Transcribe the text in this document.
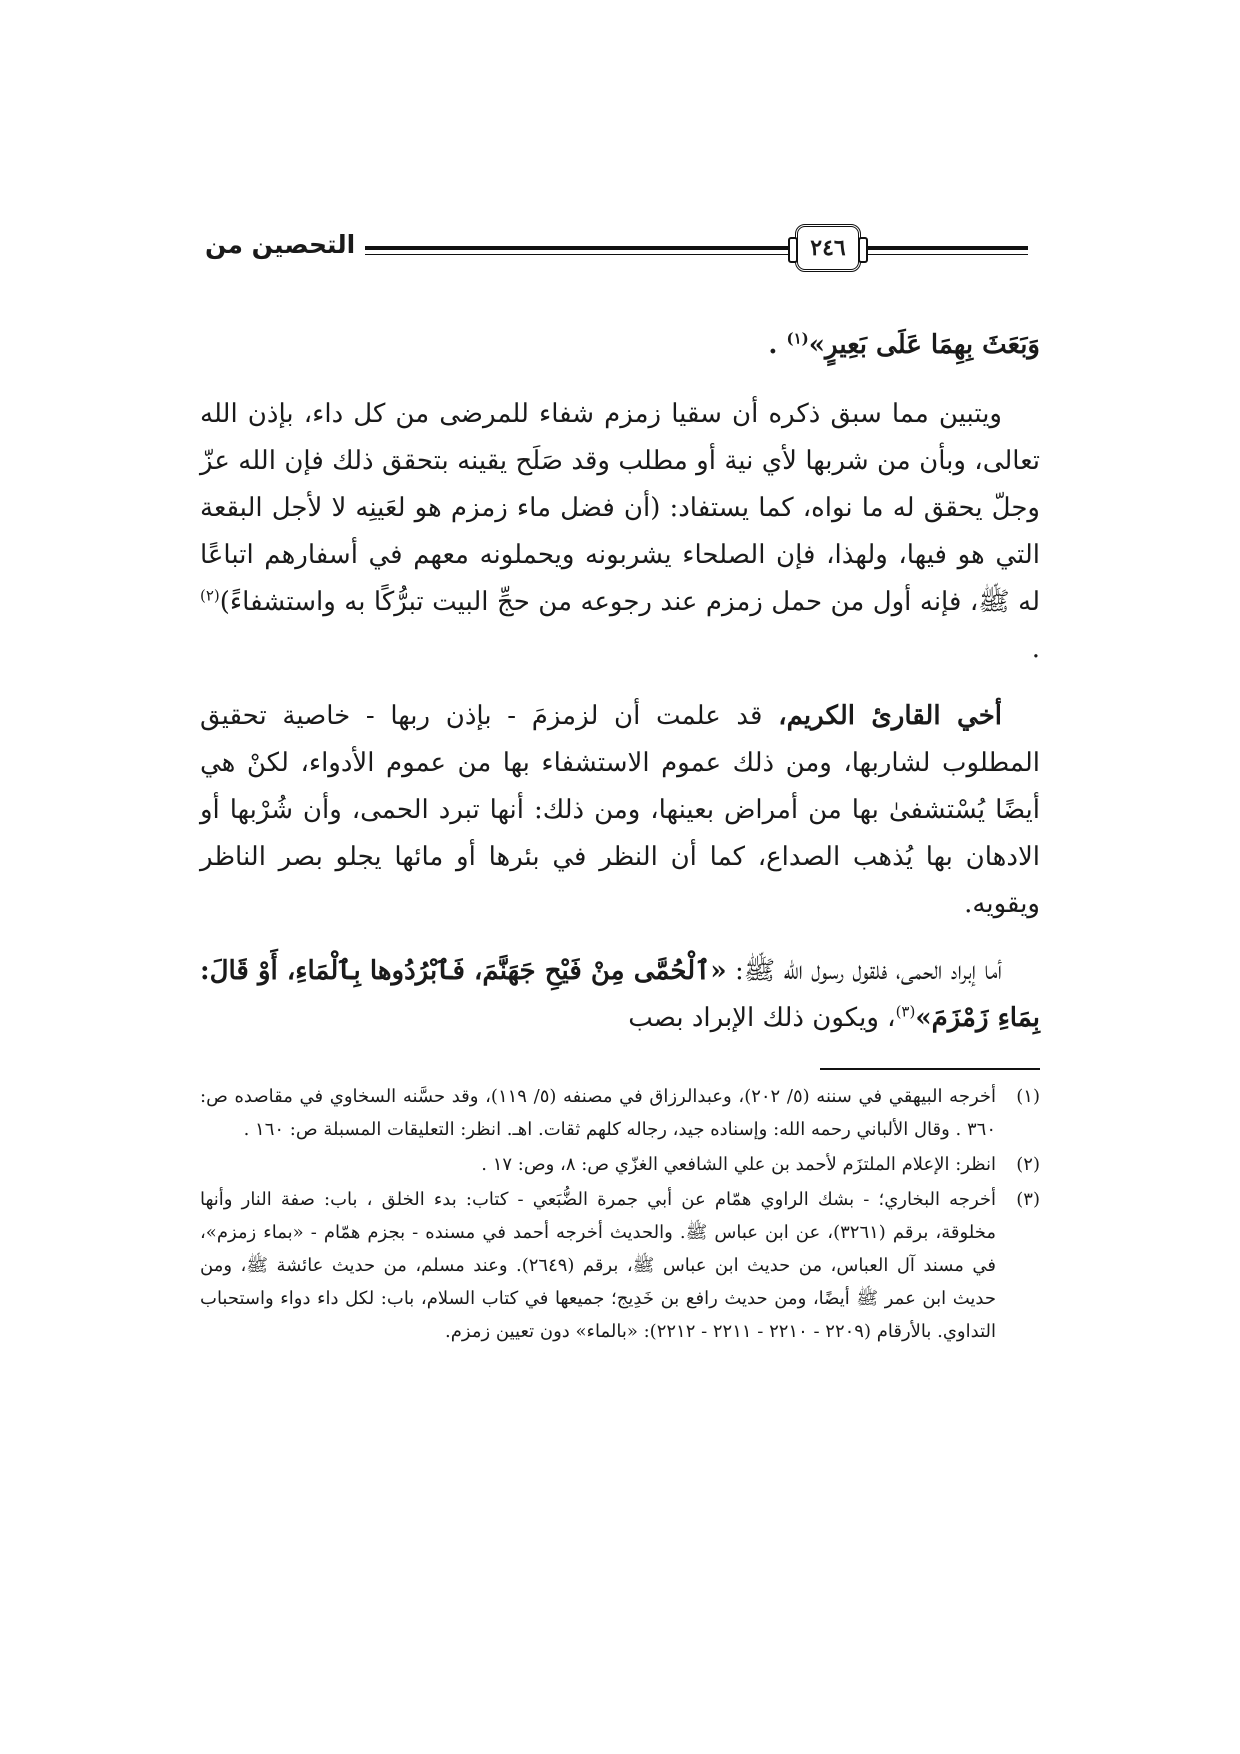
التحصين من	٢٤٦

وَبَعَثَ بِهِمَا عَلَى بَعِيرٍ»$^{(١)}$ .

ويتبين مما سبق ذكره أن سقيا زمزم شفاء للمرضى من كل داء، بإذن الله تعالى، وبأن من شربها لأي نية أو مطلب وقد صَلَح يقينه بتحقق ذلك فإن الله عزّ وجلّ يحقق له ما نواه، كما يستفاد: (أن فضل ماء زمزم هو لعَينِه لا لأجل البقعة التي هو فيها، ولهذا، فإن الصلحاء يشربونه ويحملونه معهم في أسفارهم اتباعًا له ﷺ، فإنه أول من حمل زمزم عند رجوعه من حجِّ البيت تبرُّكًا به واستشفاءً)$^{(٢)}$ .

أخي القارئ الكريم، قد علمت أن لزمزمَ - بإذن ربها - خاصية تحقيق المطلوب لشاربها، ومن ذلك عموم الاستشفاء بها من عموم الأدواء، لكنْ هي أيضًا يُسْتشفىٰ بها من أمراض بعينها، ومن ذلك: أنها تبرد الحمى، وأن شُرْبها أو الادهان بها يُذهب الصداع، كما أن النظر في بئرها أو مائها يجلو بصر الناظر ويقويه.

أما إبراد الحمى، فلقول رسول الله ﷺ: «ٱلْحُمَّى مِنْ فَيْحِ جَهَنَّمَ، فَٱبْرُدُوها بِٱلْمَاءِ، أَوْ قَالَ: بِمَاءِ زَمْزَمَ»$^{(٣)}$، ويكون ذلك الإبراد بصب

(١)
أخرجه البيهقي في سننه (٥/ ٢٠٢)، وعبدالرزاق في مصنفه (٥/ ١١٩)، وقد حسَّنه السخاوي في مقاصده ص: ٣٦٠ . وقال الألباني رحمه الله: وإسناده جيد، رجاله كلهم ثقات. اهـ. انظر: التعليقات المسبلة ص: ١٦٠ .
(٢)
انظر: الإعلام الملتزَم لأحمد بن علي الشافعي الغزّي ص: ٨، وص: ١٧ .
(٣)
أخرجه البخاري؛ - بشك الراوي همّام عن أبي جمرة الضُّبَعي - كتاب: بدء الخلق ، باب: صفة النار وأنها مخلوقة، برقم (٣٢٦١)، عن ابن عباس ﷺ. والحديث أخرجه أحمد في مسنده - بجزم همّام - «بماء زمزم»، في مسند آل العباس، من حديث ابن عباس ﷺ، برقم (٢٦٤٩). وعند مسلم، من حديث عائشة ﷺ، ومن حديث ابن عمر ﷺ أيضًا، ومن حديث رافع بن خَدِيج؛ جميعها في كتاب السلام، باب: لكل داء دواء واستحباب التداوي. بالأرقام (٢٢٠٩ - ٢٢١٠ - ٢٢١١ - ٢٢١٢): «بالماء» دون تعيين زمزم.
